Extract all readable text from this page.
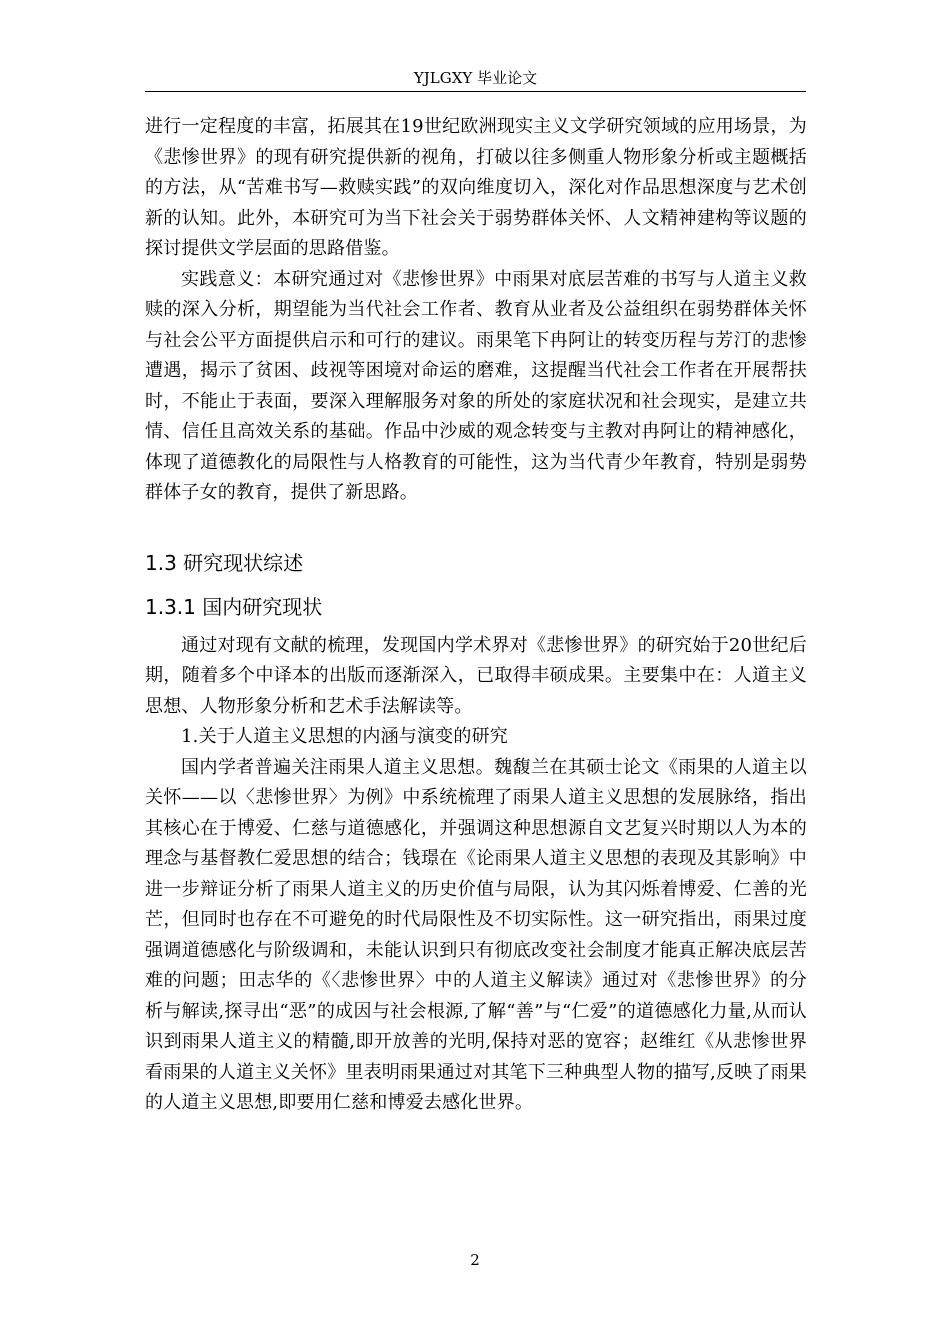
YJLGXY 毕业论文

进行一定程度的丰富，拓展其在19世纪欧洲现实主义文学研究领域的应用场景，为《悲惨世界》的现有研究提供新的视角，打破以往多侧重人物形象分析或主题概括的方法，从“苦难书写—救赎实践”的双向维度切入，深化对作品思想深度与艺术创新的认知。此外，本研究可为当下社会关于弱势群体关怀、人文精神建构等议题的探讨提供文学层面的思路借鉴。

实践意义：本研究通过对《悲惨世界》中雨果对底层苦难的书写与人道主义救赎的深入分析，期望能为当代社会工作者、教育从业者及公益组织在弱势群体关怀与社会公平方面提供启示和可行的建议。雨果笔下冉阿让的转变历程与芳汀的悲惨遭遇，揭示了贫困、歧视等困境对命运的磨难，这提醒当代社会工作者在开展帮扶时，不能止于表面，要深入理解服务对象的所处的家庭状况和社会现实，是建立共情、信任且高效关系的基础。作品中沙威的观念转变与主教对冉阿让的精神感化，体现了道德教化的局限性与人格教育的可能性，这为当代青少年教育，特别是弱势群体子女的教育，提供了新思路。

1.3 研究现状综述
1.3.1 国内研究现状

通过对现有文献的梳理，发现国内学术界对《悲惨世界》的研究始于20世纪后期，随着多个中译本的出版而逐渐深入，已取得丰硕成果。主要集中在：人道主义思想、人物形象分析和艺术手法解读等。

1.关于人道主义思想的内涵与演变的研究

国内学者普遍关注雨果人道主义思想。魏馥兰在其硕士论文《雨果的人道主以关怀——以〈悲惨世界〉为例》中系统梳理了雨果人道主义思想的发展脉络，指出其核心在于博爱、仁慈与道德感化，并强调这种思想源自文艺复兴时期以人为本的理念与基督教仁爱思想的结合；钱璟在《论雨果人道主义思想的表现及其影响》中进一步辩证分析了雨果人道主义的历史价值与局限，认为其闪烁着博爱、仁善的光芒，但同时也存在不可避免的时代局限性及不切实际性。这一研究指出，雨果过度强调道德感化与阶级调和，未能认识到只有彻底改变社会制度才能真正解决底层苦难的问题；田志华的《〈悲惨世界〉中的人道主义解读》通过对《悲惨世界》的分析与解读,探寻出“恶”的成因与社会根源,了解“善”与“仁爱”的道德感化力量,从而认识到雨果人道主义的精髓,即开放善的光明,保持对恶的宽容；赵维红《从悲惨世界看雨果的人道主义关怀》里表明雨果通过对其笔下三种典型人物的描写,反映了雨果的人道主义思想,即要用仁慈和博爱去感化世界。

2
